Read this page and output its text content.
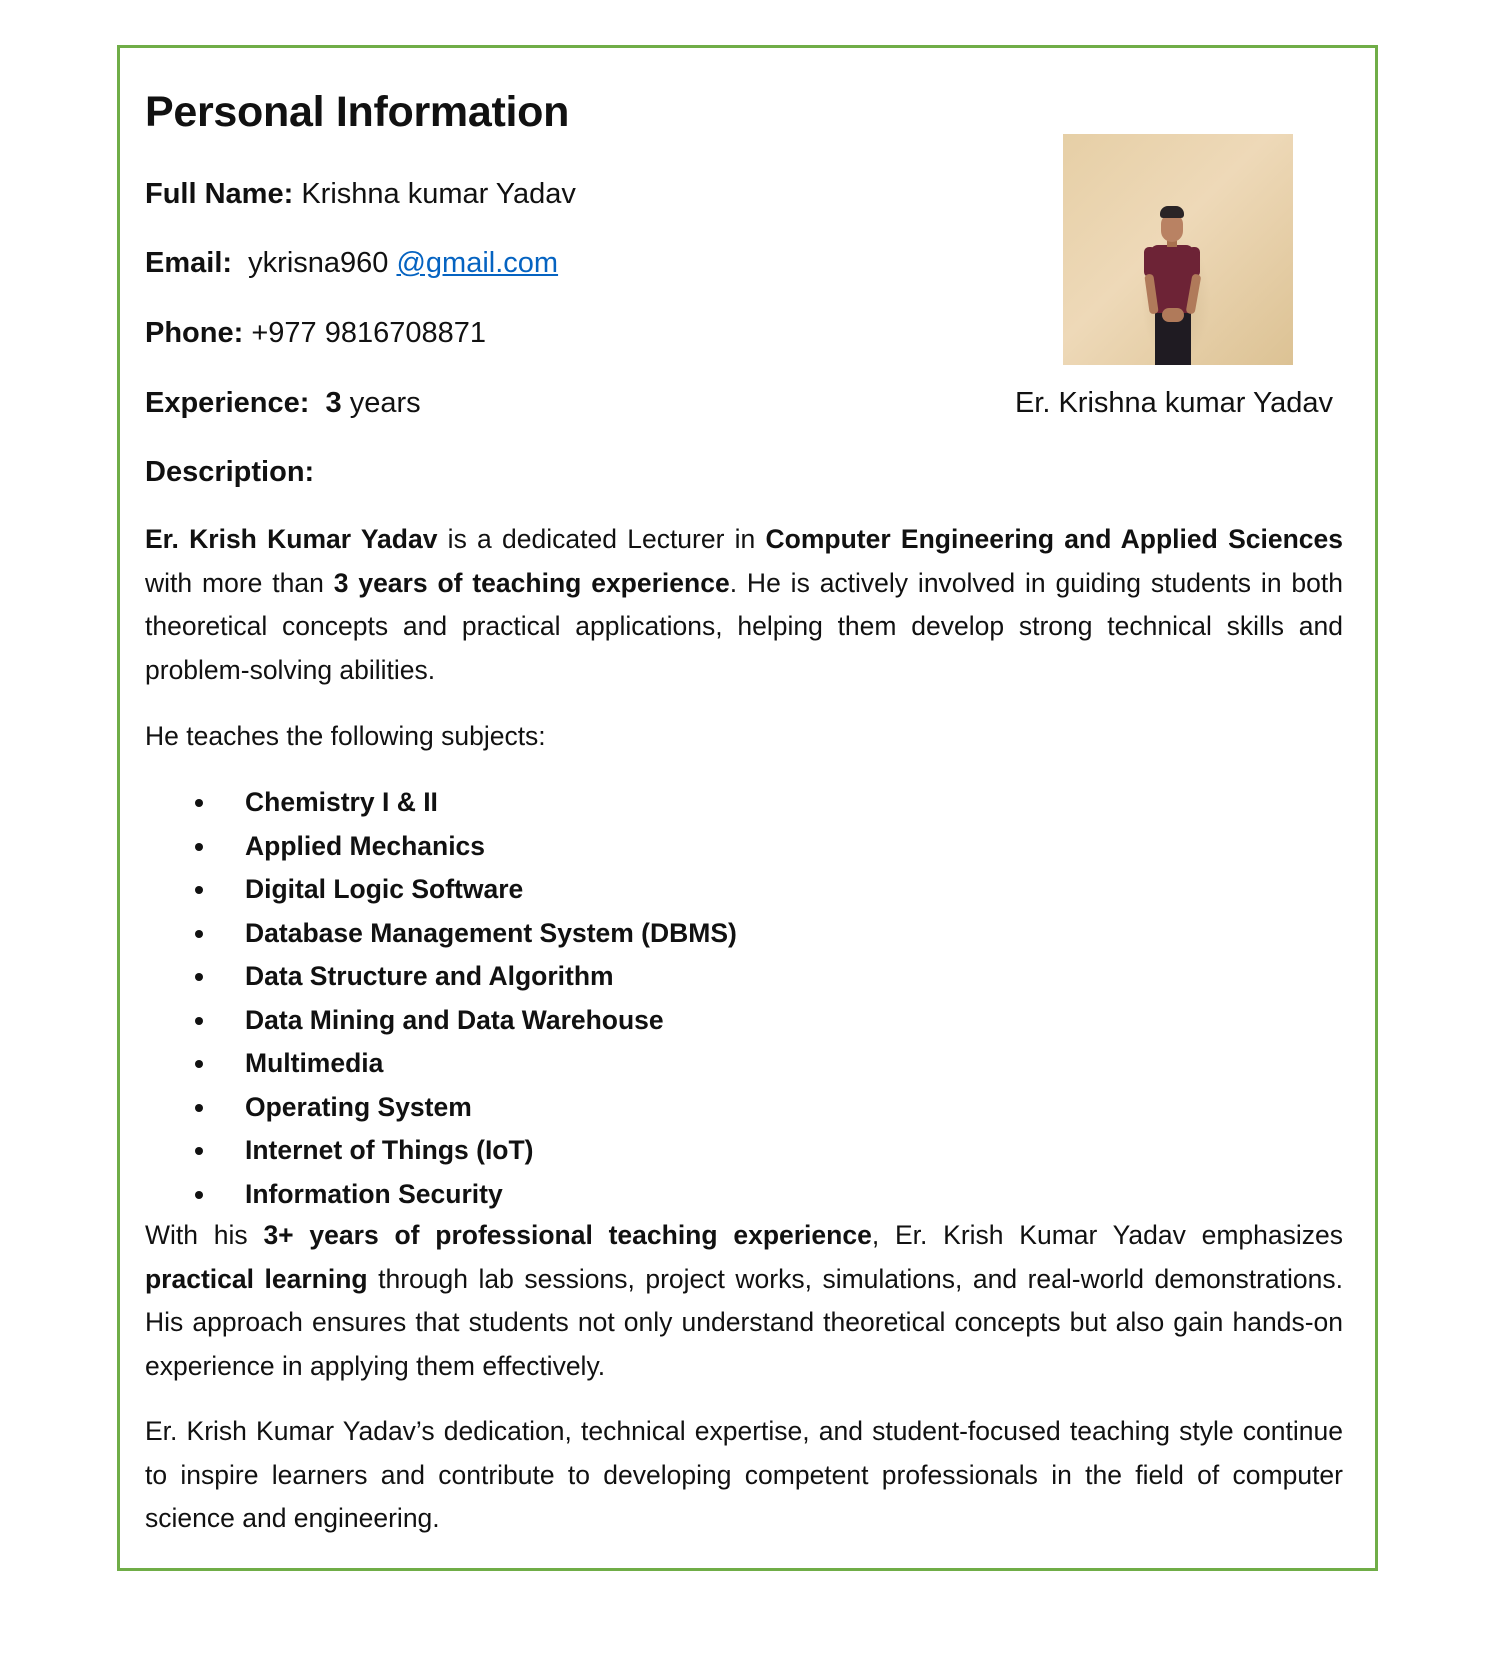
Personal Information
Full Name: Krishna kumar Yadav
Email: ykrisna960 @gmail.com
Phone: +977 9816708871
Experience: 3 years
Description:
Er. Krishna kumar Yadav

Er. Krish Kumar Yadav is a dedicated Lecturer in Computer Engineering and Applied Sciences with more than 3 years of teaching experience. He is actively involved in guiding students in both theoretical concepts and practical applications, helping them develop strong technical skills and problem-solving abilities.

He teaches the following subjects:

Chemistry I & II
Applied Mechanics
Digital Logic Software
Database Management System (DBMS)
Data Structure and Algorithm
Data Mining and Data Warehouse
Multimedia
Operating System
Internet of Things (IoT)
Information Security

With his 3+ years of professional teaching experience, Er. Krish Kumar Yadav emphasizes practical learning through lab sessions, project works, simulations, and real-world demonstrations. His approach ensures that students not only understand theoretical concepts but also gain hands-on experience in applying them effectively.

Er. Krish Kumar Yadav’s dedication, technical expertise, and student-focused teaching style continue to inspire learners and contribute to developing competent professionals in the field of computer science and engineering.
